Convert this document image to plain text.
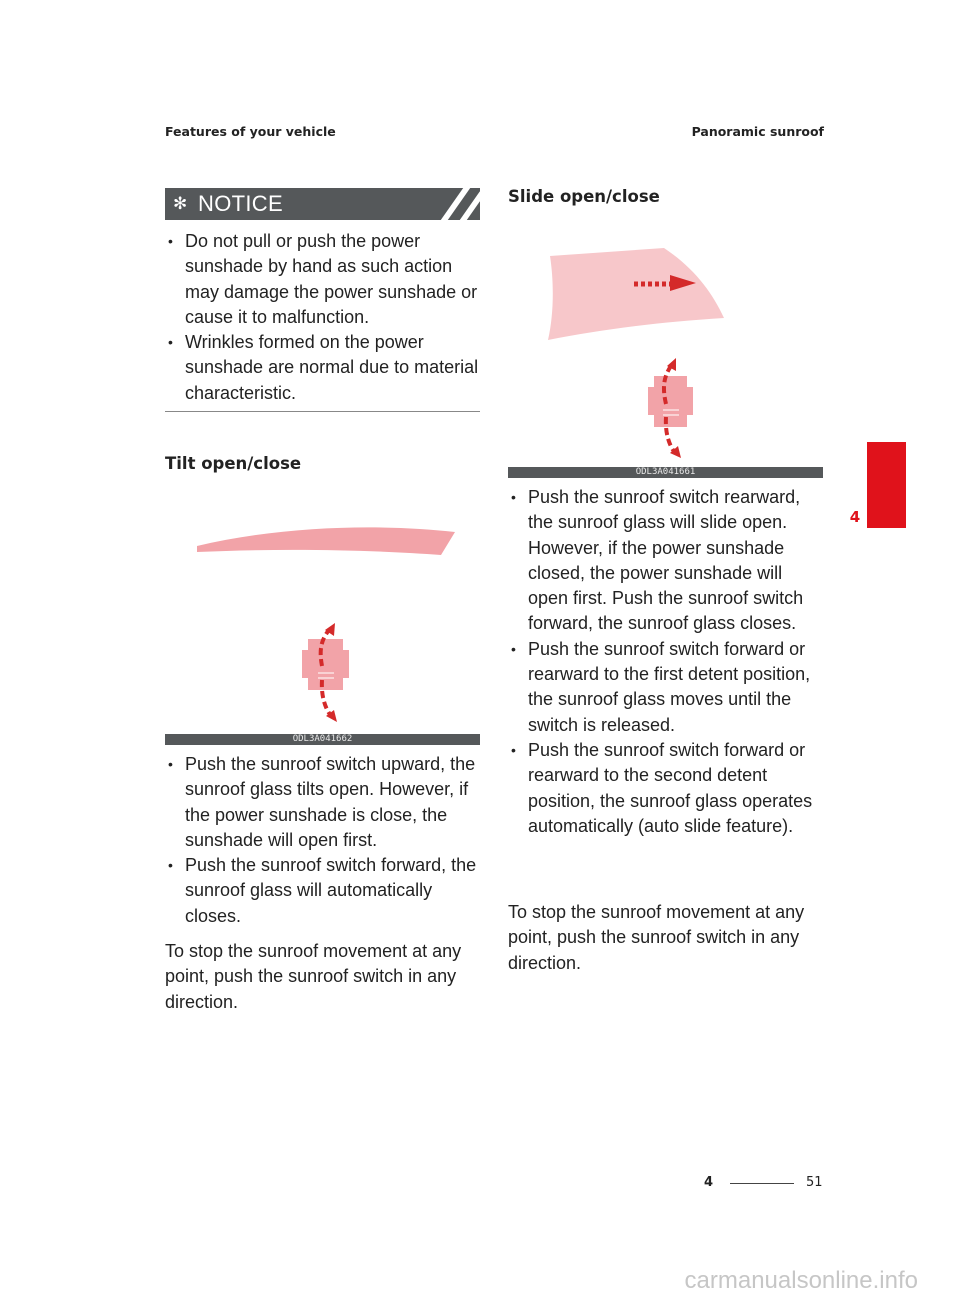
Features of your vehicle	Panoramic sunroof
✻ NOTICE
• Do not pull or push the power sunshade by hand as such action may damage the power sunshade or cause it to malfunction.
• Wrinkles formed on the power sunshade are normal due to material characteristic.
Tilt open/close
ODL3A041662
• Push the sunroof switch upward, the sunroof glass tilts open. However, if the power sunshade is close, the sunshade will open first.
• Push the sunroof switch forward, the sunroof glass will automatically closes.
To stop the sunroof movement at any point, push the sunroof switch in any direction.
Slide open/close
ODL3A041661
• Push the sunroof switch rearward, the sunroof glass will slide open. However, if the power sunshade closed, the power sunshade will open first. Push the sunroof switch forward, the sunroof glass closes.
• Push the sunroof switch forward or rearward to the first detent position, the sunroof glass moves until the switch is released.
• Push the sunroof switch forward or rearward to the second detent position, the sunroof glass operates automatically (auto slide feature).
To stop the sunroof movement at any point, push the sunroof switch in any direction.
4
4	51
carmanualsonline.info
